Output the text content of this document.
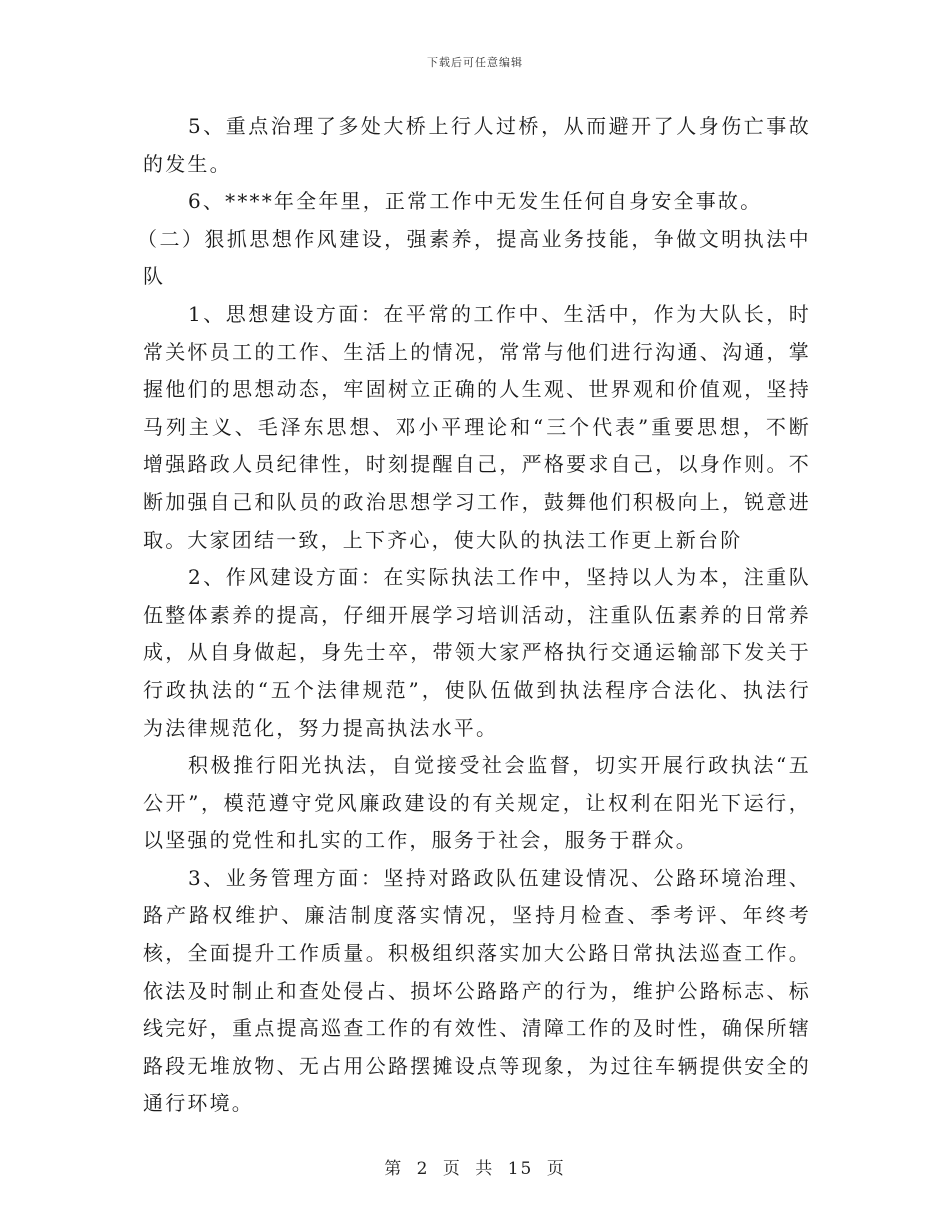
下载后可任意编辑

5、重点治理了多处大桥上行人过桥，从而避开了人身伤亡事故的发生。

6、****年全年里，正常工作中无发生任何自身安全事故。

（二）狠抓思想作风建设，强素养，提高业务技能，争做文明执法中队

1、思想建设方面：在平常的工作中、生活中，作为大队长，时常关怀员工的工作、生活上的情况，常常与他们进行沟通、沟通，掌握他们的思想动态，牢固树立正确的人生观、世界观和价值观，坚持马列主义、毛泽东思想、邓小平理论和“三个代表”重要思想，不断增强路政人员纪律性，时刻提醒自己，严格要求自己，以身作则。不断加强自己和队员的政治思想学习工作，鼓舞他们积极向上，锐意进取。大家团结一致，上下齐心，使大队的执法工作更上新台阶

2、作风建设方面：在实际执法工作中，坚持以人为本，注重队伍整体素养的提高，仔细开展学习培训活动，注重队伍素养的日常养成，从自身做起，身先士卒，带领大家严格执行交通运输部下发关于行政执法的“五个法律规范”，使队伍做到执法程序合法化、执法行为法律规范化，努力提高执法水平。

积极推行阳光执法，自觉接受社会监督，切实开展行政执法“五公开”，模范遵守党风廉政建设的有关规定，让权利在阳光下运行，以坚强的党性和扎实的工作，服务于社会，服务于群众。

3、业务管理方面：坚持对路政队伍建设情况、公路环境治理、路产路权维护、廉洁制度落实情况，坚持月检查、季考评、年终考核，全面提升工作质量。积极组织落实加大公路日常执法巡查工作。依法及时制止和查处侵占、损坏公路路产的行为，维护公路标志、标线完好，重点提高巡查工作的有效性、清障工作的及时性，确保所辖路段无堆放物、无占用公路摆摊设点等现象，为过往车辆提供安全的通行环境。

第 2 页 共 15 页
